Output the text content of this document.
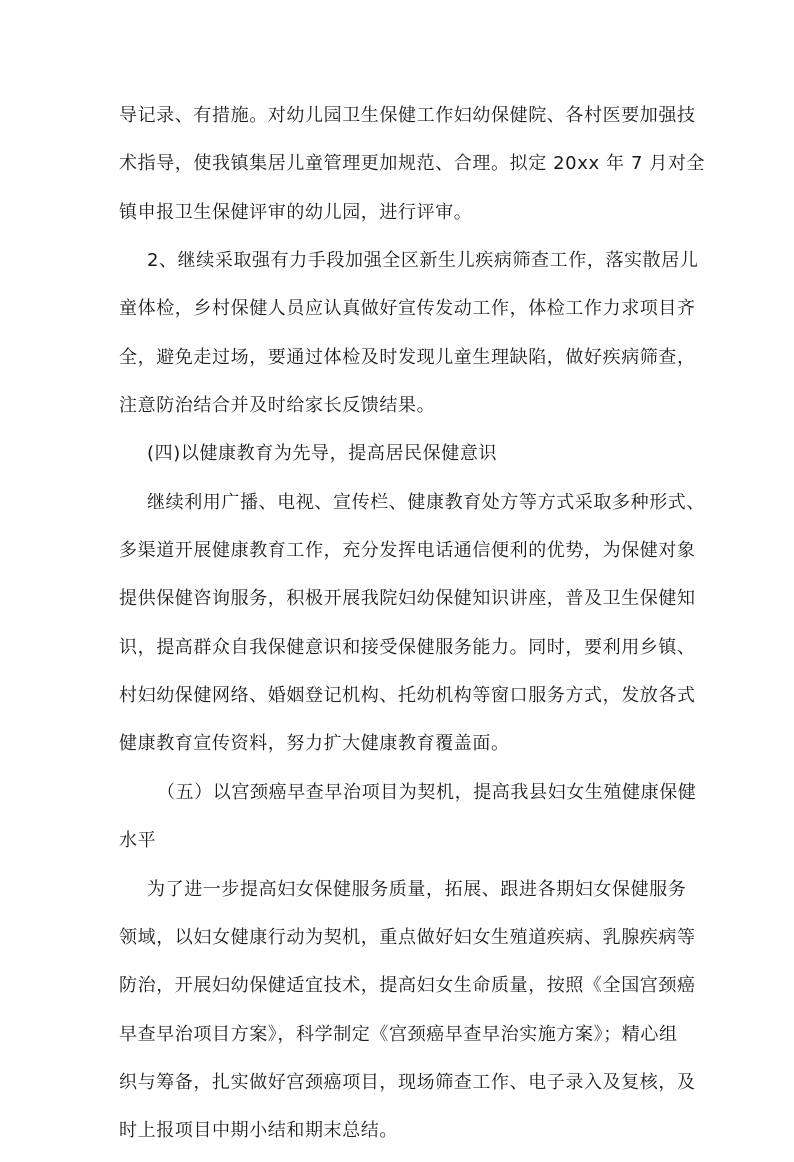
导记录、有措施。对幼儿园卫生保健工作妇幼保健院、各村医要加强技
术指导，使我镇集居儿童管理更加规范、合理。拟定 20xx 年 7 月对全
镇申报卫生保健评审的幼儿园，进行评审。
2、继续采取强有力手段加强全区新生儿疾病筛查工作，落实散居儿
童体检，乡村保健人员应认真做好宣传发动工作，体检工作力求项目齐
全，避免走过场，要通过体检及时发现儿童生理缺陷，做好疾病筛查，
注意防治结合并及时给家长反馈结果。
(四)以健康教育为先导，提高居民保健意识
继续利用广播、电视、宣传栏、健康教育处方等方式采取多种形式、
多渠道开展健康教育工作，充分发挥电话通信便利的优势，为保健对象
提供保健咨询服务，积极开展我院妇幼保健知识讲座，普及卫生保健知
识，提高群众自我保健意识和接受保健服务能力。同时，要利用乡镇、
村妇幼保健网络、婚姻登记机构、托幼机构等窗口服务方式，发放各式
健康教育宣传资料，努力扩大健康教育覆盖面。
（五）以宫颈癌早查早治项目为契机，提高我县妇女生殖健康保健
水平
为了进一步提高妇女保健服务质量，拓展、跟进各期妇女保健服务
领域，以妇女健康行动为契机，重点做好妇女生殖道疾病、乳腺疾病等
防治，开展妇幼保健适宜技术，提高妇女生命质量，按照《全国宫颈癌
早查早治项目方案》，科学制定《宫颈癌早查早治实施方案》；精心组
织与筹备，扎实做好宫颈癌项目，现场筛查工作、电子录入及复核，及
时上报项目中期小结和期末总结。
